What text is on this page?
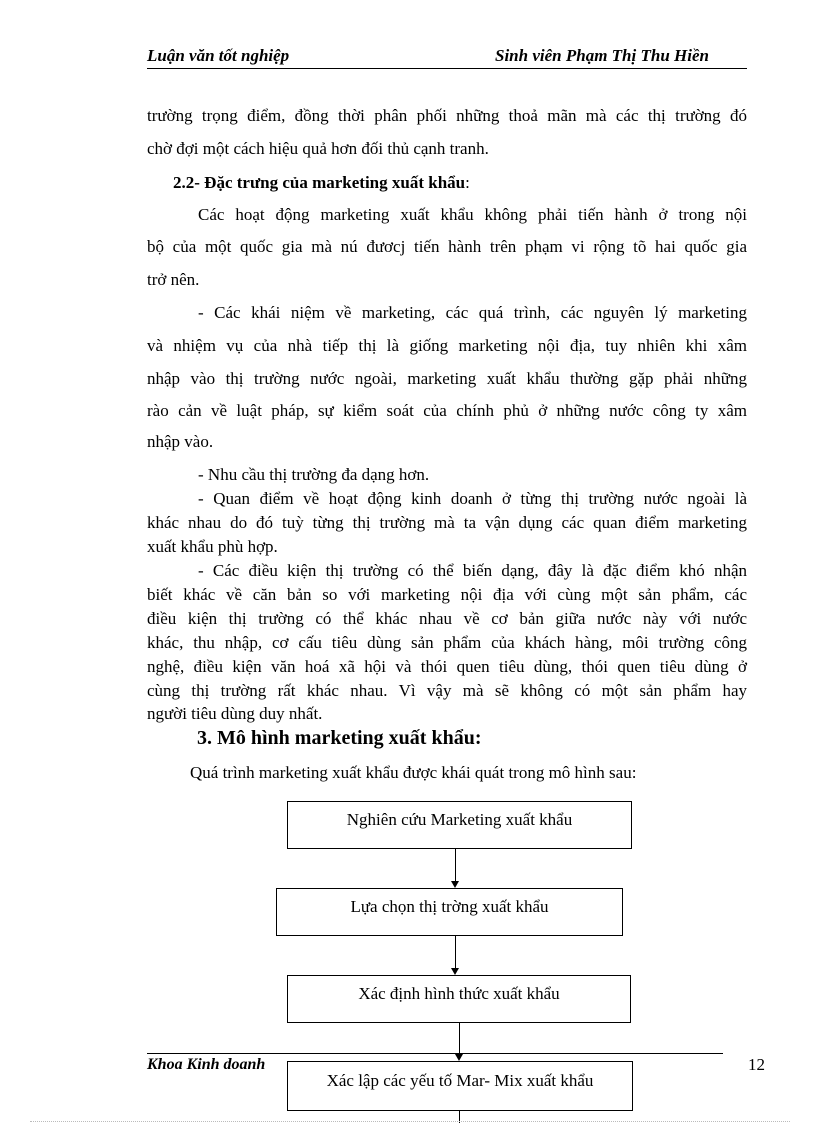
Luận văn tốt nghiệp	Sinh viên Phạm Thị Thu Hiền
trường trọng điểm, đồng thời phân phối những thoả mãn mà các thị trường đó
chờ đợi một cách hiệu quả hơn đối thủ cạnh tranh.
2.2- Đặc trưng của marketing xuất khẩu:
Các hoạt động marketing xuất khẩu không phải tiến hành ở trong nội
bộ của một quốc gia mà nú đươcj tiến hành trên phạm vi rộng tõ hai quốc gia
trở nên.
- Các khái niệm về marketing, các quá trình, các nguyên lý marketing
và nhiệm vụ của nhà tiếp thị là giống marketing nội địa, tuy nhiên khi xâm
nhập vào thị trường nước ngoài, marketing xuất khẩu thường gặp phải những
rào cản về luật pháp, sự kiểm soát của chính phủ ở những nước công ty xâm
nhập vào.
- Nhu cầu thị trường đa dạng hơn.
- Quan điểm về hoạt động kinh doanh ở từng thị trường nước ngoài là
khác nhau do đó tuỳ từng thị trường mà ta vận dụng các quan điểm marketing
xuất khẩu phù hợp.
- Các điều kiện thị trường có thể biến dạng, đây là đặc điểm khó nhận
biết khác về căn bản so với marketing nội địa với cùng một sản phẩm, các
điều kiện thị trường có thể khác nhau về cơ bản giữa nước này với nước
khác, thu nhập, cơ cấu tiêu dùng sản phẩm của khách hàng, môi trường công
nghệ, điều kiện văn hoá xã hội và thói quen tiêu dùng, thói quen tiêu dùng ở
cùng thị trường rất khác nhau. Vì vậy mà sẽ không có một sản phẩm hay
người tiêu dùng duy nhất.
3. Mô hình marketing xuất khẩu:
Quá trình marketing xuất khẩu được khái quát trong mô hình sau:
Nghiên cứu Marketing xuất khẩu
Lựa chọn thị trờng xuất khẩu
Xác định hình thức xuất khẩu
Khoa Kinh doanh	12
Xác lập các yếu tố Mar- Mix xuất khẩu
